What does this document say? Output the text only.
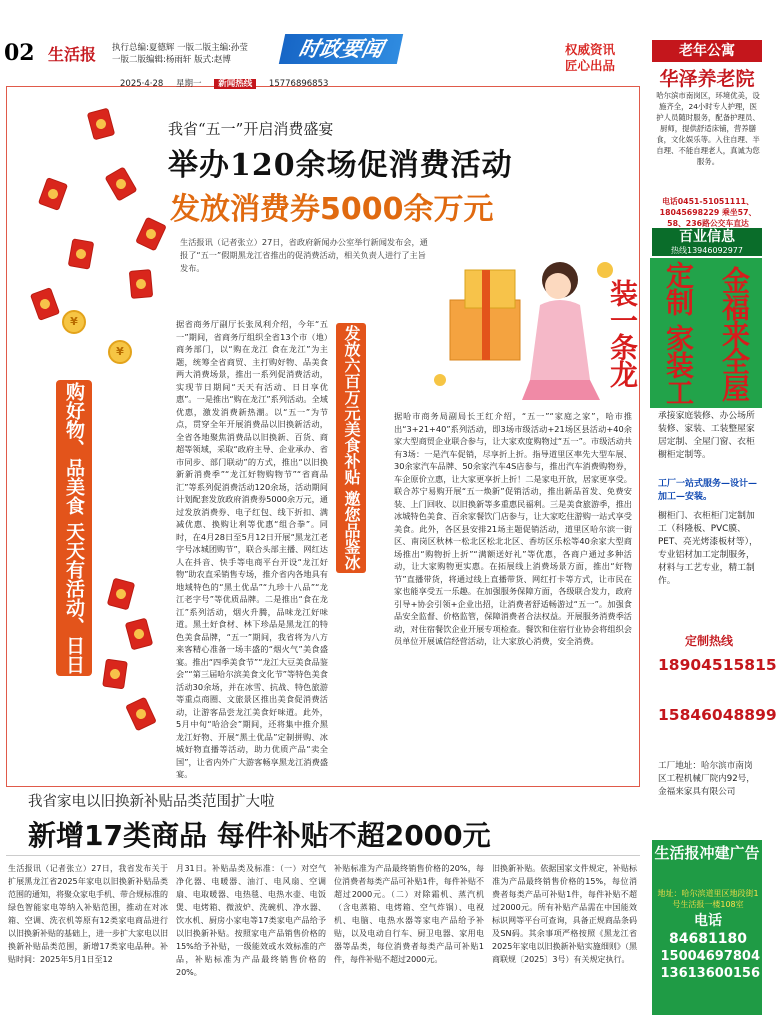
02 生活报 执行总编:夏德辉 一版二版主编:孙莹
一版二版编辑:杨雨轩 版式:赵博	时政要闻	权威资讯
匠心出品
2025·4·28 星期一 新闻热线 15776896853
¥
¥
我省“五一”开启消费盛宴
举办120余场促消费活动
发放消费券5000余万元
生活报讯（记者张立）27日，省政府新闻办公室举行新闻发布会，通报了“五一”假期黑龙江省推出的促消费活动，相关负责人进行了主旨发布。
购好物、品美食 天天有活动、日日享优惠	发放六百万元美食补贴 邀您品鉴冰城美食
据省商务厅副厅长张凤利介绍，今年“五一”期间，省商务厅组织全省13个市（地）商务部门，以“购在龙江 食在龙江”为主题，统筹全省商贸、主打购好物、品美食两大消费场景，推出一系列促消费活动，实现节日期间“天天有活动、日日享优惠”。一是推出“购在龙江”系列活动。全域优惠，激发消费新热潮。以“五一”为节点，贯穿全年开展消费品以旧换新活动，全省各地聚焦消费品以旧换新、百货、商超等领域，采取“政府主导、企业承办、省市同步、部门联动”的方式，推出“以旧换新新消费季”“龙江好物购物节”“省商品汇”等系列促消费活动120余场，活动期间计划配套发放政府消费券5000余万元，通过发放消费券、电子红包、线下折扣、满减优惠、换购让利等优惠“组合拳”。同时，在4月28日至5月12日开展“黑龙江老字号冰城团购节”，联合头部主播、网红达人在抖音、快手等电商平台开设“龙江好物”助农直采销售专场，推介省内各地具有地域特色的“黑土优品”“九珍十八品”“龙江老字号”等优质品牌。二是推出“食在龙江”系列活动，烟火升腾，品味龙江好味道。黑土好食材、林下珍品是黑龙江的特色美食品牌，“五一”期间，我省将为八方来客精心准备一场丰盛的“烟火气”美食盛宴。推出“四季美食节”“龙江大豆美食品鉴会”“第三届哈尔滨美食文化节”等特色美食活动30余场，并在冰雪、抗战、特色旅游等重点商圈、文旅景区推出美食促消费活动，让游客品尝龙江美食好味道。此外，5月中旬“哈洽会”期间，还将集中推介黑龙江好物、开展“黑土优品”定制拼购、冰城好物直播等活动，助力优质产品“卖全国”，让省内外广大游客畅享黑龙江消费盛宴。
据哈市商务局副局长王红介绍，“五一”“家庭之家”，哈市推出“3+21+40”系列活动，即3场市级活动+21场区县活动+40余家大型商贸企业联合参与，让大家欢度购物过“五一”。市级活动共有3场：一是汽车促销，尽享折上折。指导道里区率先大型车展、30余家汽车品牌、50余家汽车4S店参与，推出汽车消费购物券，车企原价立惠，让大家更享折上折！二是家电开放，居家更享受。联合苏宁易购开展“五一焕新”促销活动，推出新品首发、免费安装、上门回收、以旧换新等多重惠民福利。三是美食旅游季，推出冰城特色美食、百余家餐饮门店参与，让大家吃住游购一站式享受美食。此外，各区县安排21场主题促销活动，道里区哈尔滨一街区、南岗区秋林一松北区松北北区、香坊区乐松等40余家大型商场推出“购物折上折”“满额送好礼”等优惠，各商户通过多种活动，让大家购物更实惠。在拓展线上消费场景方面，推出“好物节”直播带货，将通过线上直播带货、网红打卡等方式，让市民在家也能享受五一乐趣。在加强服务保障方面，各级联合发力，政府引导+协会引领+企业出招，让消费者舒适畅游过“五一”。加强食品安全监督、价格监管，保障消费者合法权益。开展服务消费季活动，对住宿餐饮企业开展专项检查。餐饮和住宿行业协会将组织会员单位开展诚信经营活动，让大家放心消费，安全消费。
我省家电以旧换新补贴品类范围扩大啦
新增17类商品 每件补贴不超2000元
生活报讯（记者张立）27日，我省发布关于扩展黑龙江省2025年家电以旧换新补贴品类范围的通知，将聚众家电手机、带合规标准的绿色智能家电等纳入补贴范围，推动在对冰箱、空调、洗衣机等原有12类家电商品进行以旧换新补贴的基础上，进一步扩大家电以旧换新补贴品类范围，新增17类家电品种。补贴时间：2025年5月1日至12
月31日。补贴品类及标准：（一）对空气净化器、电暖器、油汀、电风扇、空调扇、电取暖器、电热毯、电热水壶、电饭煲、电烤箱、微波炉、洗碗机、净水器、饮水机、厨房小家电等17类家电产品给予以旧换新补贴。按照家电产品销售价格的15%给予补贴，一级能效或水效标准的产品，补贴标准为产品最终销售价格的20%。
补贴标准为产品最终销售价格的20%，每位消费者每类产品可补贴1件，每件补贴不超过2000元。（二）对除霜机、蒸汽机（含电蒸箱、电烤箱、空气炸锅）、电视机、电脑、电热水器等家电产品给予补贴，以及电动自行车、厨卫电器、家用电器等品类，每位消费者每类产品可补贴1件，每件补贴不超过2000元。
旧换新补贴。依据国家文件规定，补贴标准为产品最终销售价格的15%，每位消费者每类产品可补贴1件，每件补贴不超过2000元。所有补贴产品需在中国能效标识网等平台可查询，具备正规商品条码及SN码。其余事项严格按照《黑龙江省2025年家电以旧换新补贴实施细则》（黑商联规〔2025〕3号）有关规定执行。
老年公寓
华泽养老院
哈尔滨市南岗区，环境优美，设施齐全，24小时专人护理，医护人员随时服务，配备护理员、厨师，提供舒适床铺，营养膳食，文化娱乐等。入住自理、半自理、不能自理老人，真诚为您服务。
电话0451-51051111、18045698229 乘坐57、58、236路公交车直达
百业信息
热线13946092977
金福来全屋定制 家装工装一条龙
承接家庭装修、办公场所装修、家装、工装整屋家居定制、全屋门窗、衣柜橱柜定制等。
工厂一站式服务—设计—加工—安装。
橱柜门、衣柜柜门定制加工（科隆板、PVC膜、PET、亮光烤漆板材等），专业铝材加工定制服务，材料与工艺专业，精工制作。
定制热线
18904515815
15846048899
工厂地址：哈尔滨市南岗区工程机械厂院内92号，金福来家具有限公司
生活报冲建广告
地址：哈尔滨道里区地段街1号生活报一楼108室
电话 84681180
15004697804
13613600156
